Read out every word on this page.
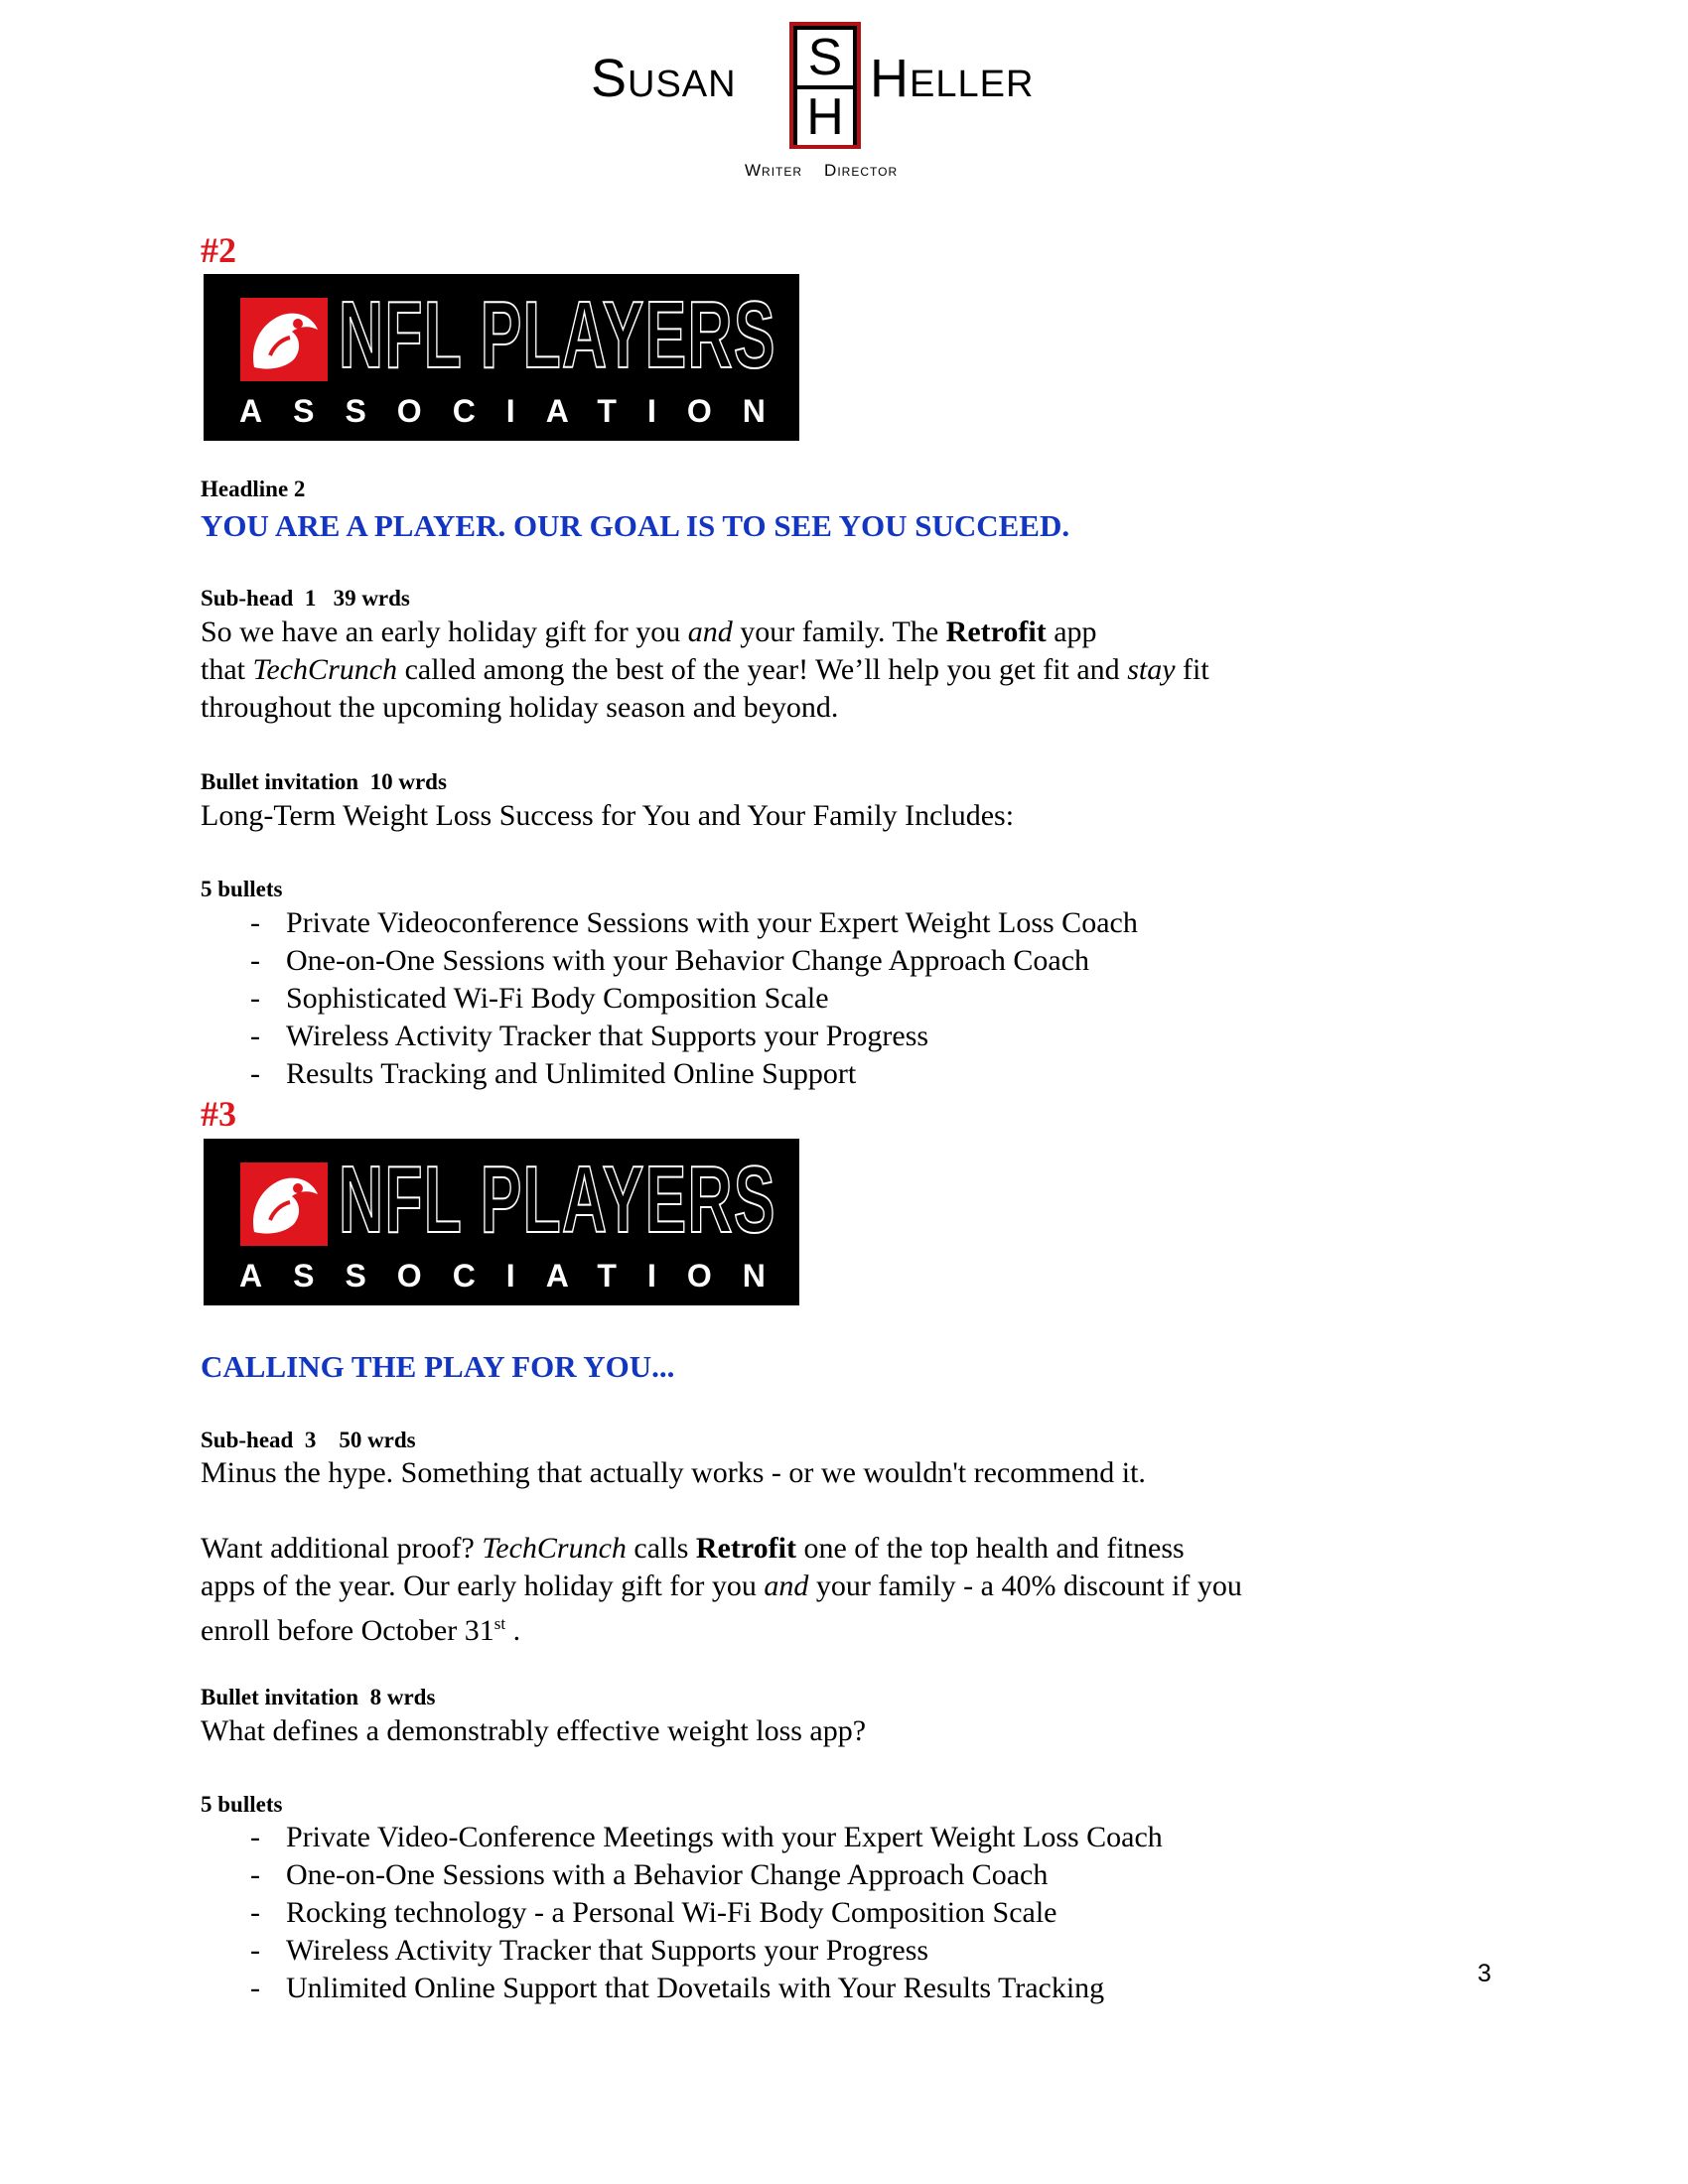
Susan S
H
Heller
Writer Director
#2
NFL PLAYERS
ASSOCIATION
Headline 2
YOU ARE A PLAYER. OUR GOAL IS TO SEE YOU SUCCEED.
Sub-head  1   39 wrds
So we have an early holiday gift for you and your family. The Retrofit app
that TechCrunch called among the best of the year! We’ll help you get fit and stay fit
throughout the upcoming holiday season and beyond.
Bullet invitation  10 wrds
Long-Term Weight Loss Success for You and Your Family Includes:
5 bullets
- Private Videoconference Sessions with your Expert Weight Loss Coach
- One-on-One Sessions with your Behavior Change Approach Coach
- Sophisticated Wi-Fi Body Composition Scale
- Wireless Activity Tracker that Supports your Progress
- Results Tracking and Unlimited Online Support
#3
NFL PLAYERS
ASSOCIATION
CALLING THE PLAY FOR YOU...
Sub-head  3    50 wrds
Minus the hype. Something that actually works - or we wouldn't recommend it.
Want additional proof? TechCrunch calls Retrofit one of the top health and fitness
apps of the year. Our early holiday gift for you and your family - a 40% discount if you
enroll before October 31st .
Bullet invitation  8 wrds
What defines a demonstrably effective weight loss app?
5 bullets
- Private Video-Conference Meetings with your Expert Weight Loss Coach
- One-on-One Sessions with a Behavior Change Approach Coach
- Rocking technology - a Personal Wi-Fi Body Composition Scale
- Wireless Activity Tracker that Supports your Progress
- Unlimited Online Support that Dovetails with Your Results Tracking	3
